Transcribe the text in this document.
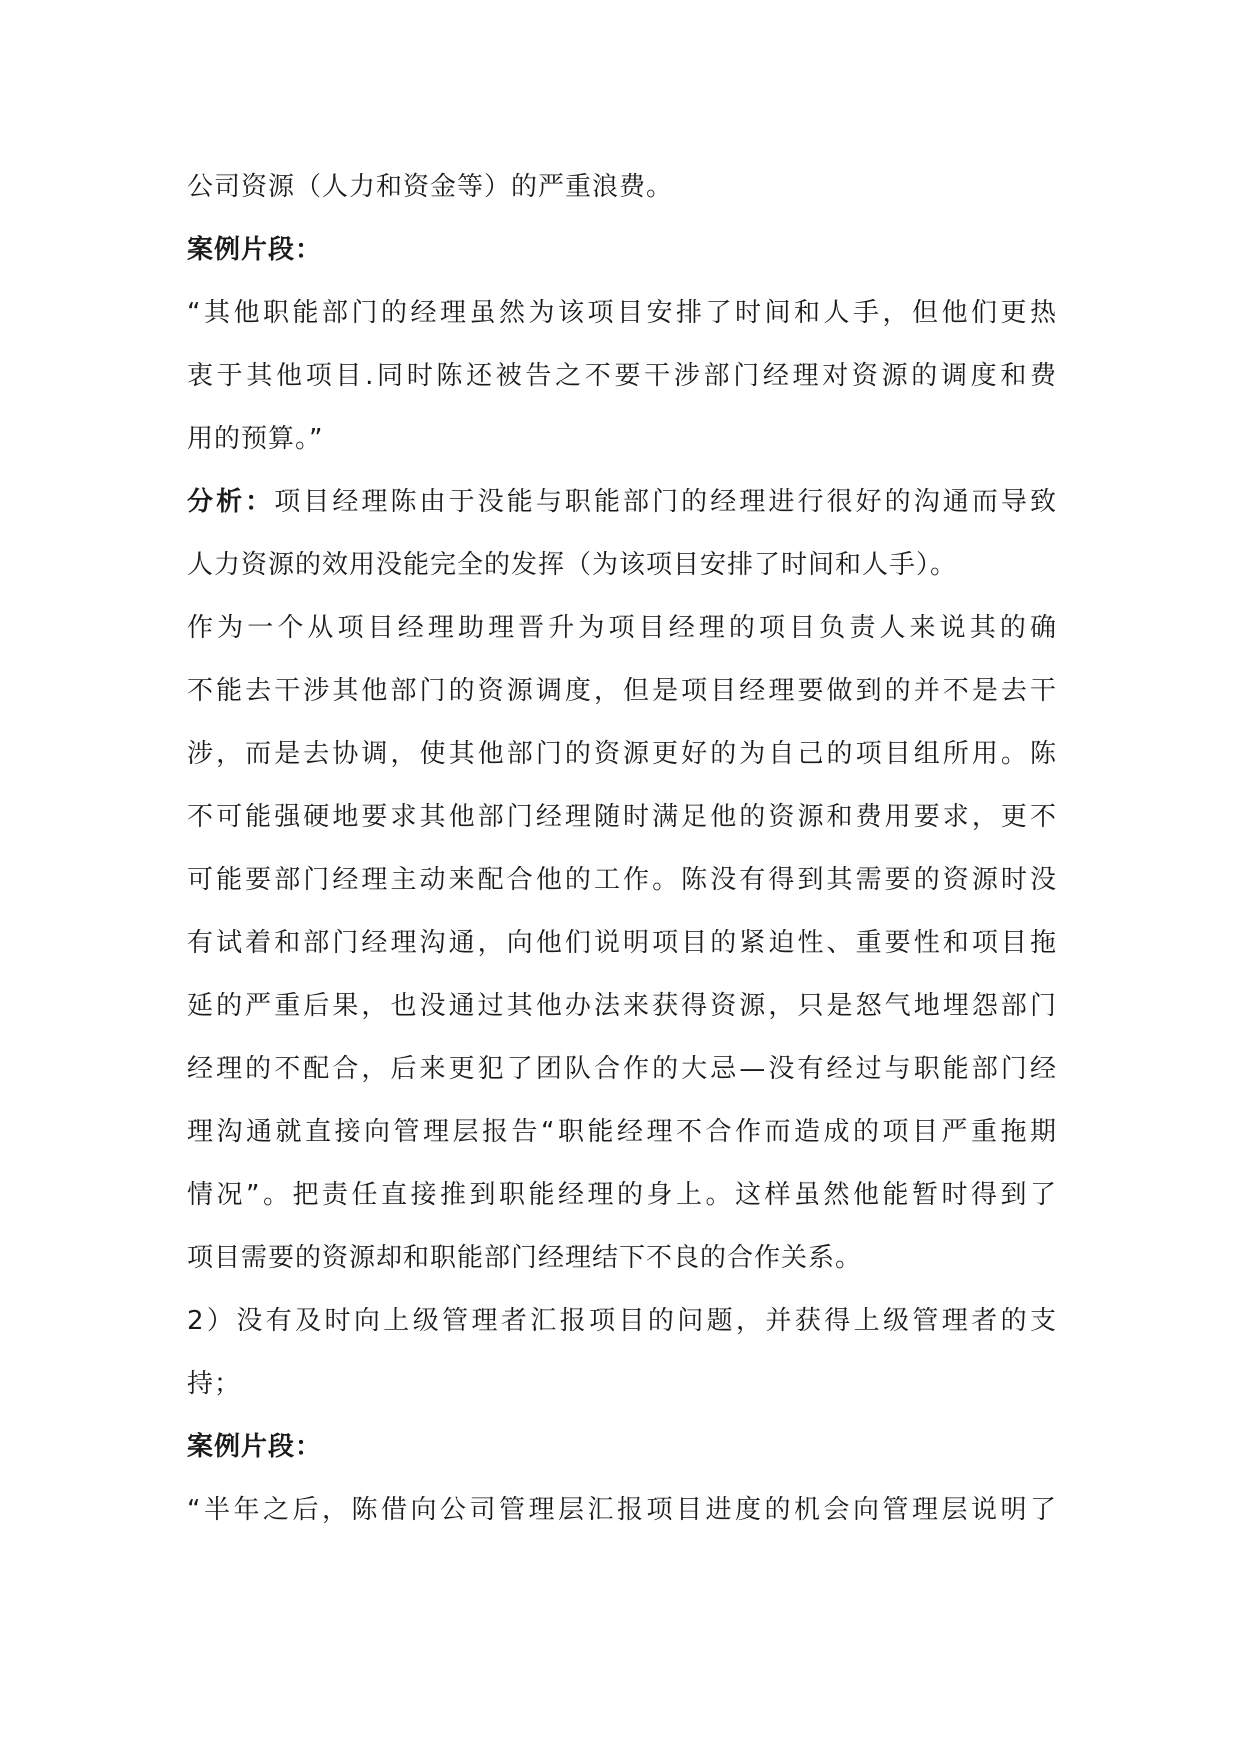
公司资源（人力和资金等）的严重浪费。
案例片段：
“其他职能部门的经理虽然为该项目安排了时间和人手，但他们更热
衷于其他项目.同时陈还被告之不要干涉部门经理对资源的调度和费
用的预算。”
分析：项目经理陈由于没能与职能部门的经理进行很好的沟通而导致
人力资源的效用没能完全的发挥（为该项目安排了时间和人手）。
作为一个从项目经理助理晋升为项目经理的项目负责人来说其的确
不能去干涉其他部门的资源调度，但是项目经理要做到的并不是去干
涉，而是去协调，使其他部门的资源更好的为自己的项目组所用。陈
不可能强硬地要求其他部门经理随时满足他的资源和费用要求，更不
可能要部门经理主动来配合他的工作。陈没有得到其需要的资源时没
有试着和部门经理沟通，向他们说明项目的紧迫性、重要性和项目拖
延的严重后果，也没通过其他办法来获得资源，只是怒气地埋怨部门
经理的不配合，后来更犯了团队合作的大忌—没有经过与职能部门经
理沟通就直接向管理层报告“职能经理不合作而造成的项目严重拖期
情况”。把责任直接推到职能经理的身上。这样虽然他能暂时得到了
项目需要的资源却和职能部门经理结下不良的合作关系。
2）没有及时向上级管理者汇报项目的问题，并获得上级管理者的支
持；
案例片段：
“半年之后，陈借向公司管理层汇报项目进度的机会向管理层说明了
